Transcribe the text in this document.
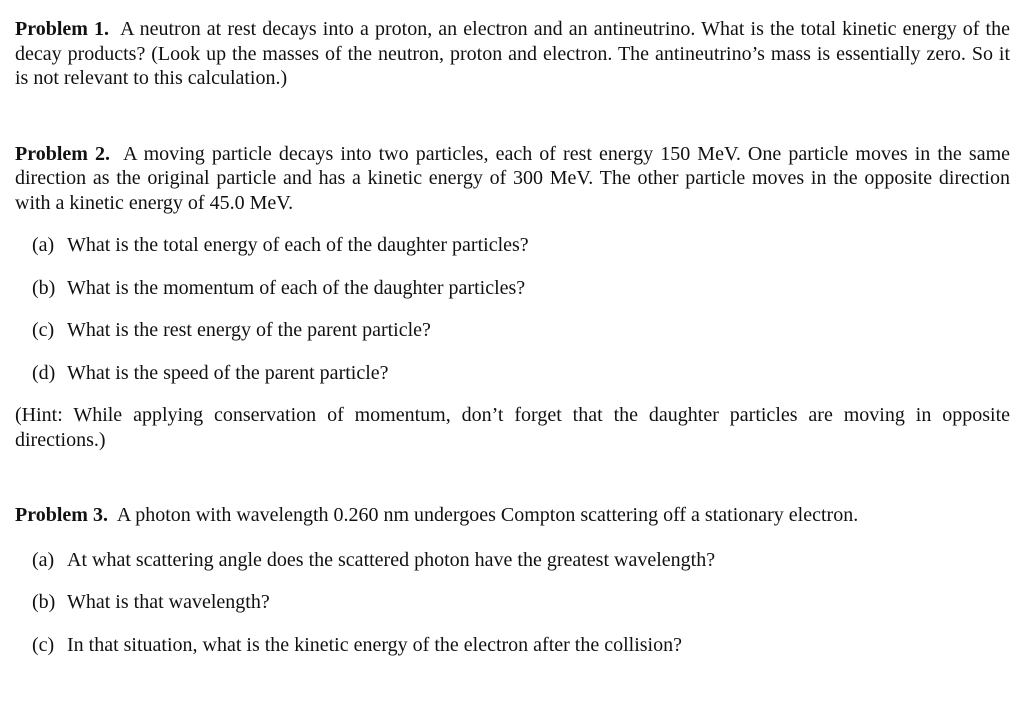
Problem 1. A neutron at rest decays into a proton, an electron and an antineutrino. What is the total kinetic energy of the decay products? (Look up the masses of the neutron, proton and electron. The antineutrino’s mass is essentially zero. So it is not relevant to this calculation.)

Problem 2. A moving particle decays into two particles, each of rest energy 150 MeV. One particle moves in the same direction as the original particle and has a kinetic energy of 300 MeV. The other particle moves in the opposite direction with a kinetic energy of 45.0 MeV.

(a) What is the total energy of each of the daughter particles?
(b) What is the momentum of each of the daughter particles?
(c) What is the rest energy of the parent particle?
(d) What is the speed of the parent particle?

(Hint: While applying conservation of momentum, don’t forget that the daughter particles are moving in opposite directions.)

Problem 3. A photon with wavelength 0.260 nm undergoes Compton scattering off a stationary electron.

(a) At what scattering angle does the scattered photon have the greatest wavelength?
(b) What is that wavelength?
(c) In that situation, what is the kinetic energy of the electron after the collision?
